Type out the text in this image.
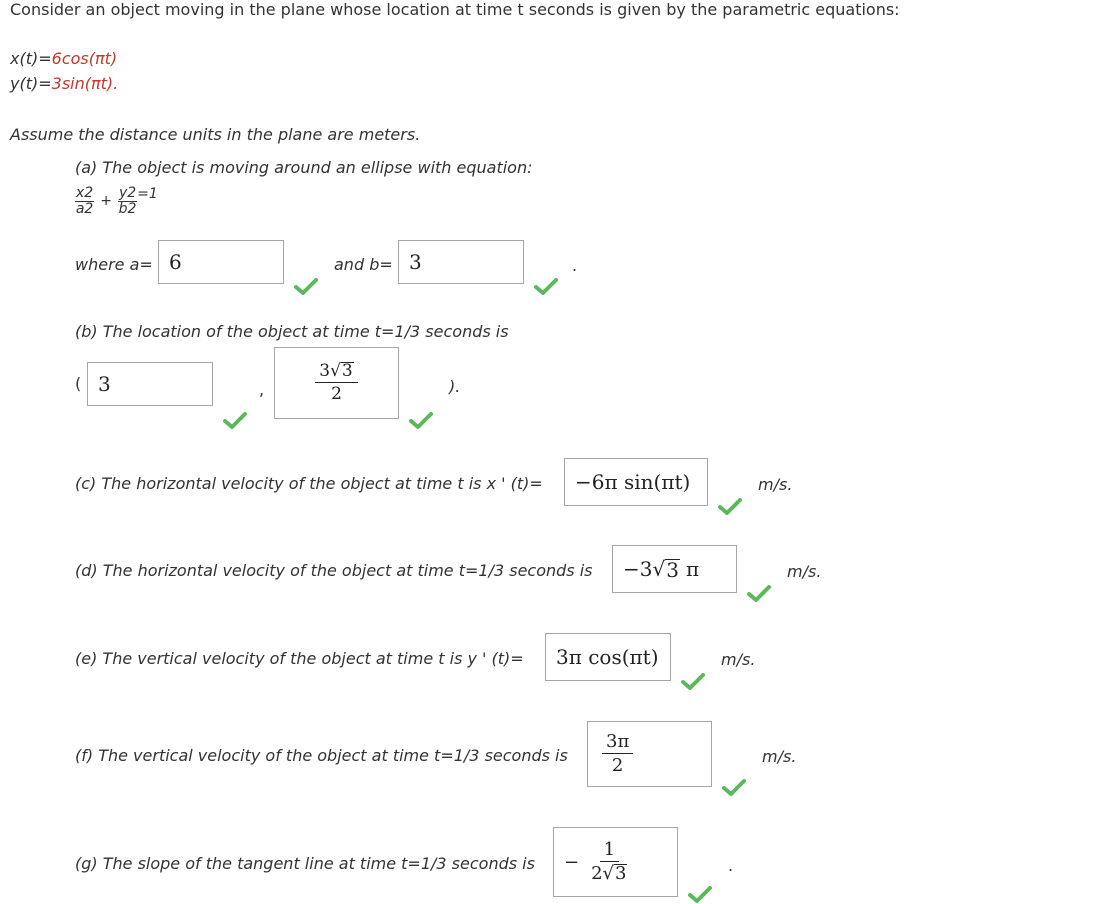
Consider an object moving in the plane whose location at time t seconds is given by the parametric equations:
x(t)=6cos(πt)
y(t)=3sin(πt).
Assume the distance units in the plane are meters.
(a) The object is moving around an ellipse with equation:
$\frac{x2}{a2} + \frac{y2}{b2} =1$
where a= 6	and b= 3	.
(b) The location of the object at time t=1/3 seconds is
( 3	,	$\frac{3√ 3}{2}$	).
(c) The horizontal velocity of the object at time t is x ' (t)= −6π sin(πt)	m/s.
(d) The horizontal velocity of the object at time t=1/3 seconds is −3 √ 3 π	m/s.
(e) The vertical velocity of the object at time t is y ' (t)= 3π cos(πt)	m/s.
(f) The vertical velocity of the object at time t=1/3 seconds is $\frac{3\pi}{2}$	m/s.
(g) The slope of the tangent line at time t=1/3 seconds is − $\frac{1}{2√ 3}$	.
